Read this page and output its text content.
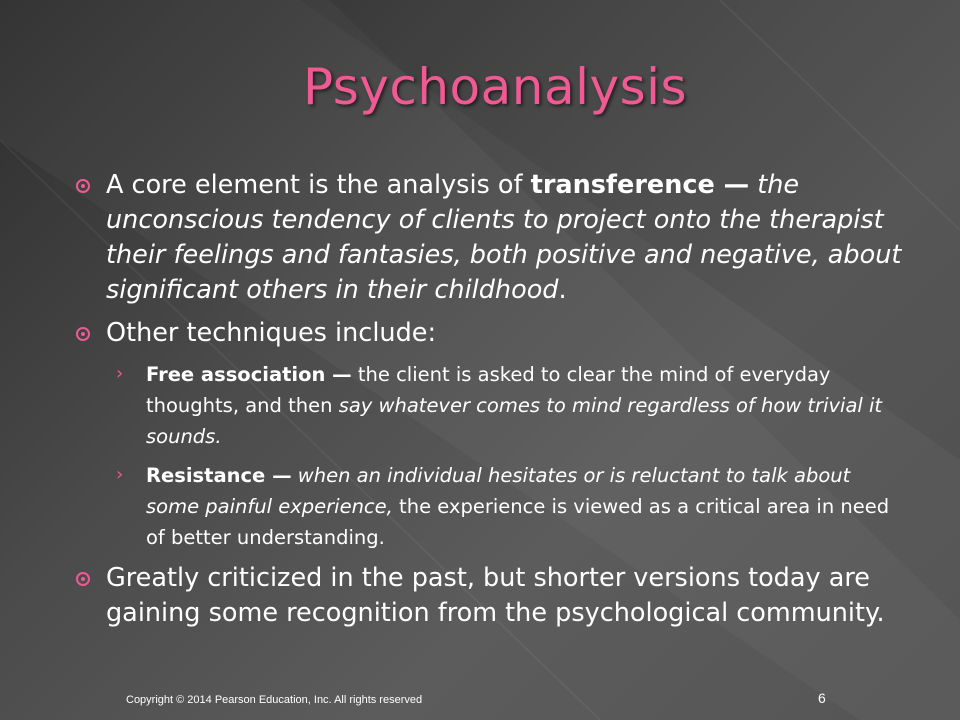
Psychoanalysis
A core element is the analysis of transference — the unconscious tendency of clients to project onto the therapist their feelings and fantasies, both positive and negative, about significant others in their childhood.
Other techniques include:
› Free association — the client is asked to clear the mind of everyday thoughts, and then say whatever comes to mind regardless of how trivial it sounds.
› Resistance — when an individual hesitates or is reluctant to talk about some painful experience, the experience is viewed as a critical area in need of better understanding.
Greatly criticized in the past, but shorter versions today are gaining some recognition from the psychological community.
Copyright © 2014 Pearson Education, Inc. All rights reserved	6
